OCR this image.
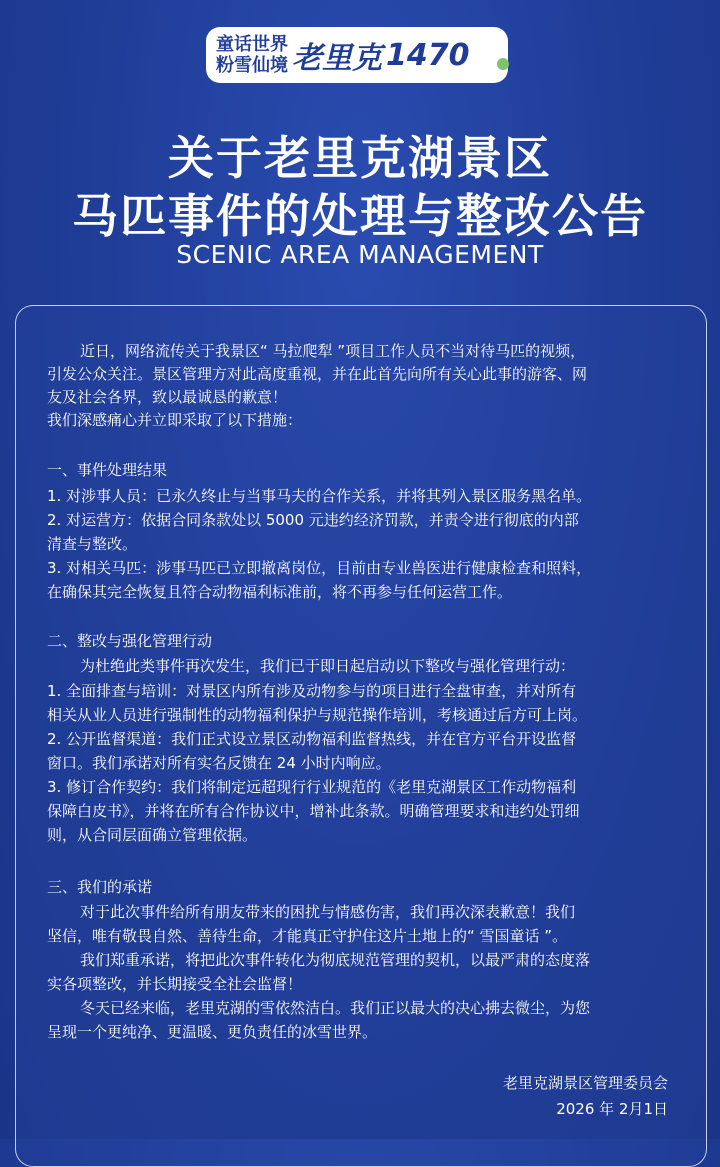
童话世界
粉雪仙境 老里克 1470
关于老里克湖景区
马匹事件的处理与整改公告
SCENIC AREA MANAGEMENT
近日，网络流传关于我景区“ 马拉爬犁 ”项目工作人员不当对待马匹的视频，
引发公众关注。景区管理方对此高度重视，并在此首先向所有关心此事的游客、网
友及社会各界，致以最诚恳的歉意！
我们深感痛心并立即采取了以下措施：
一、事件处理结果
1. 对涉事人员：已永久终止与当事马夫的合作关系，并将其列入景区服务黑名单。
2. 对运营方：依据合同条款处以 5000 元违约经济罚款，并责令进行彻底的内部
清查与整改。
3. 对相关马匹：涉事马匹已立即撤离岗位，目前由专业兽医进行健康检查和照料，
在确保其完全恢复且符合动物福利标准前，将不再参与任何运营工作。
二、整改与强化管理行动
为杜绝此类事件再次发生，我们已于即日起启动以下整改与强化管理行动：
1. 全面排查与培训：对景区内所有涉及动物参与的项目进行全盘审查，并对所有
相关从业人员进行强制性的动物福利保护与规范操作培训，考核通过后方可上岗。
2. 公开监督渠道：我们正式设立景区动物福利监督热线，并在官方平台开设监督
窗口。我们承诺对所有实名反馈在 24 小时内响应。
3. 修订合作契约：我们将制定远超现行行业规范的《老里克湖景区工作动物福利
保障白皮书》，并将在所有合作协议中，增补此条款。明确管理要求和违约处罚细
则，从合同层面确立管理依据。
三、我们的承诺
对于此次事件给所有朋友带来的困扰与情感伤害，我们再次深表歉意！我们
坚信，唯有敬畏自然、善待生命，才能真正守护住这片土地上的“ 雪国童话 ”。
我们郑重承诺，将把此次事件转化为彻底规范管理的契机，以最严肃的态度落
实各项整改，并长期接受全社会监督！
冬天已经来临，老里克湖的雪依然洁白。我们正以最大的决心拂去微尘，为您
呈现一个更纯净、更温暖、更负责任的冰雪世界。
老里克湖景区管理委员会
2026 年 2月1日
